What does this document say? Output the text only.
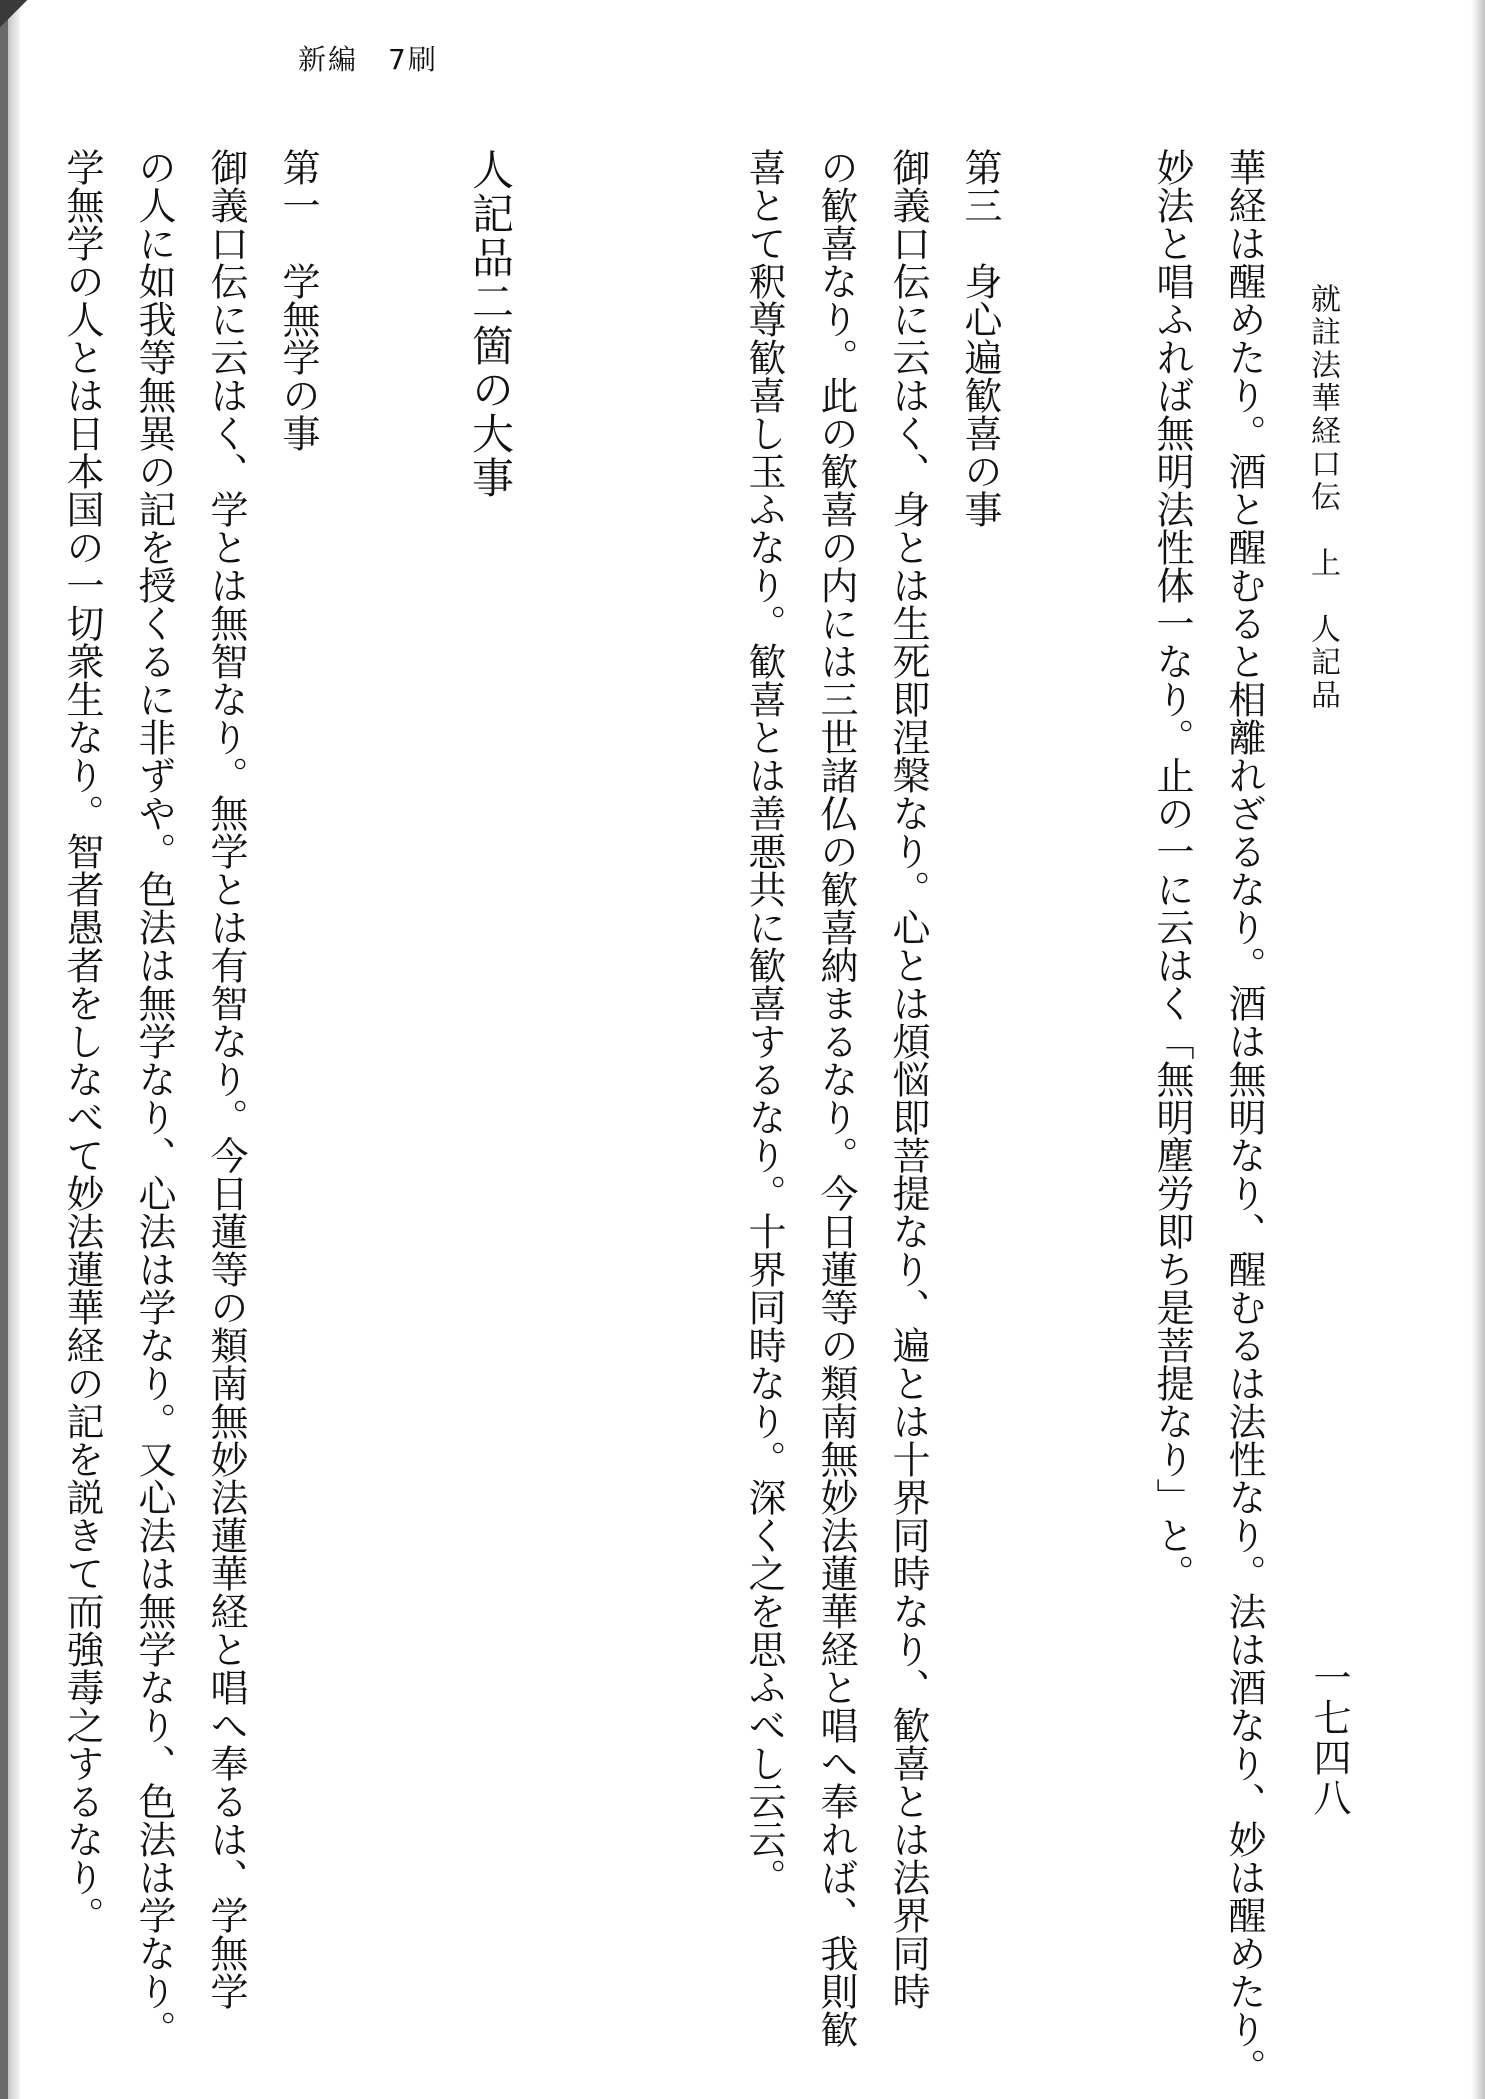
新編　7刷
就註法華経口伝　上　人記品
一七四八
華経は醒めたり。酒と醒むると相離れざるなり。酒は無明なり、醒むるは法性なり。法は酒なり、妙は醒めたり。
妙法と唱ふれば無明法性体一なり。止の一に云はく「無明塵労即ち是菩提なり」と。
第三　身心遍歓喜の事
御義口伝に云はく、身とは生死即涅槃なり。心とは煩悩即菩提なり、遍とは十界同時なり、歓喜とは法界同時
の歓喜なり。此の歓喜の内には三世諸仏の歓喜納まるなり。今日蓮等の類南無妙法蓮華経と唱へ奉れば、我則歓
喜とて釈尊歓喜し玉ふなり。歓喜とは善悪共に歓喜するなり。十界同時なり。深く之を思ふべし云云。
人記品二箇の大事
第一　学無学の事
御義口伝に云はく、学とは無智なり。無学とは有智なり。今日蓮等の類南無妙法蓮華経と唱へ奉るは、学無学
の人に如我等無異の記を授くるに非ずや。色法は無学なり、心法は学なり。又心法は無学なり、色法は学なり。
学無学の人とは日本国の一切衆生なり。智者愚者をしなべて妙法蓮華経の記を説きて而強毒之するなり。
